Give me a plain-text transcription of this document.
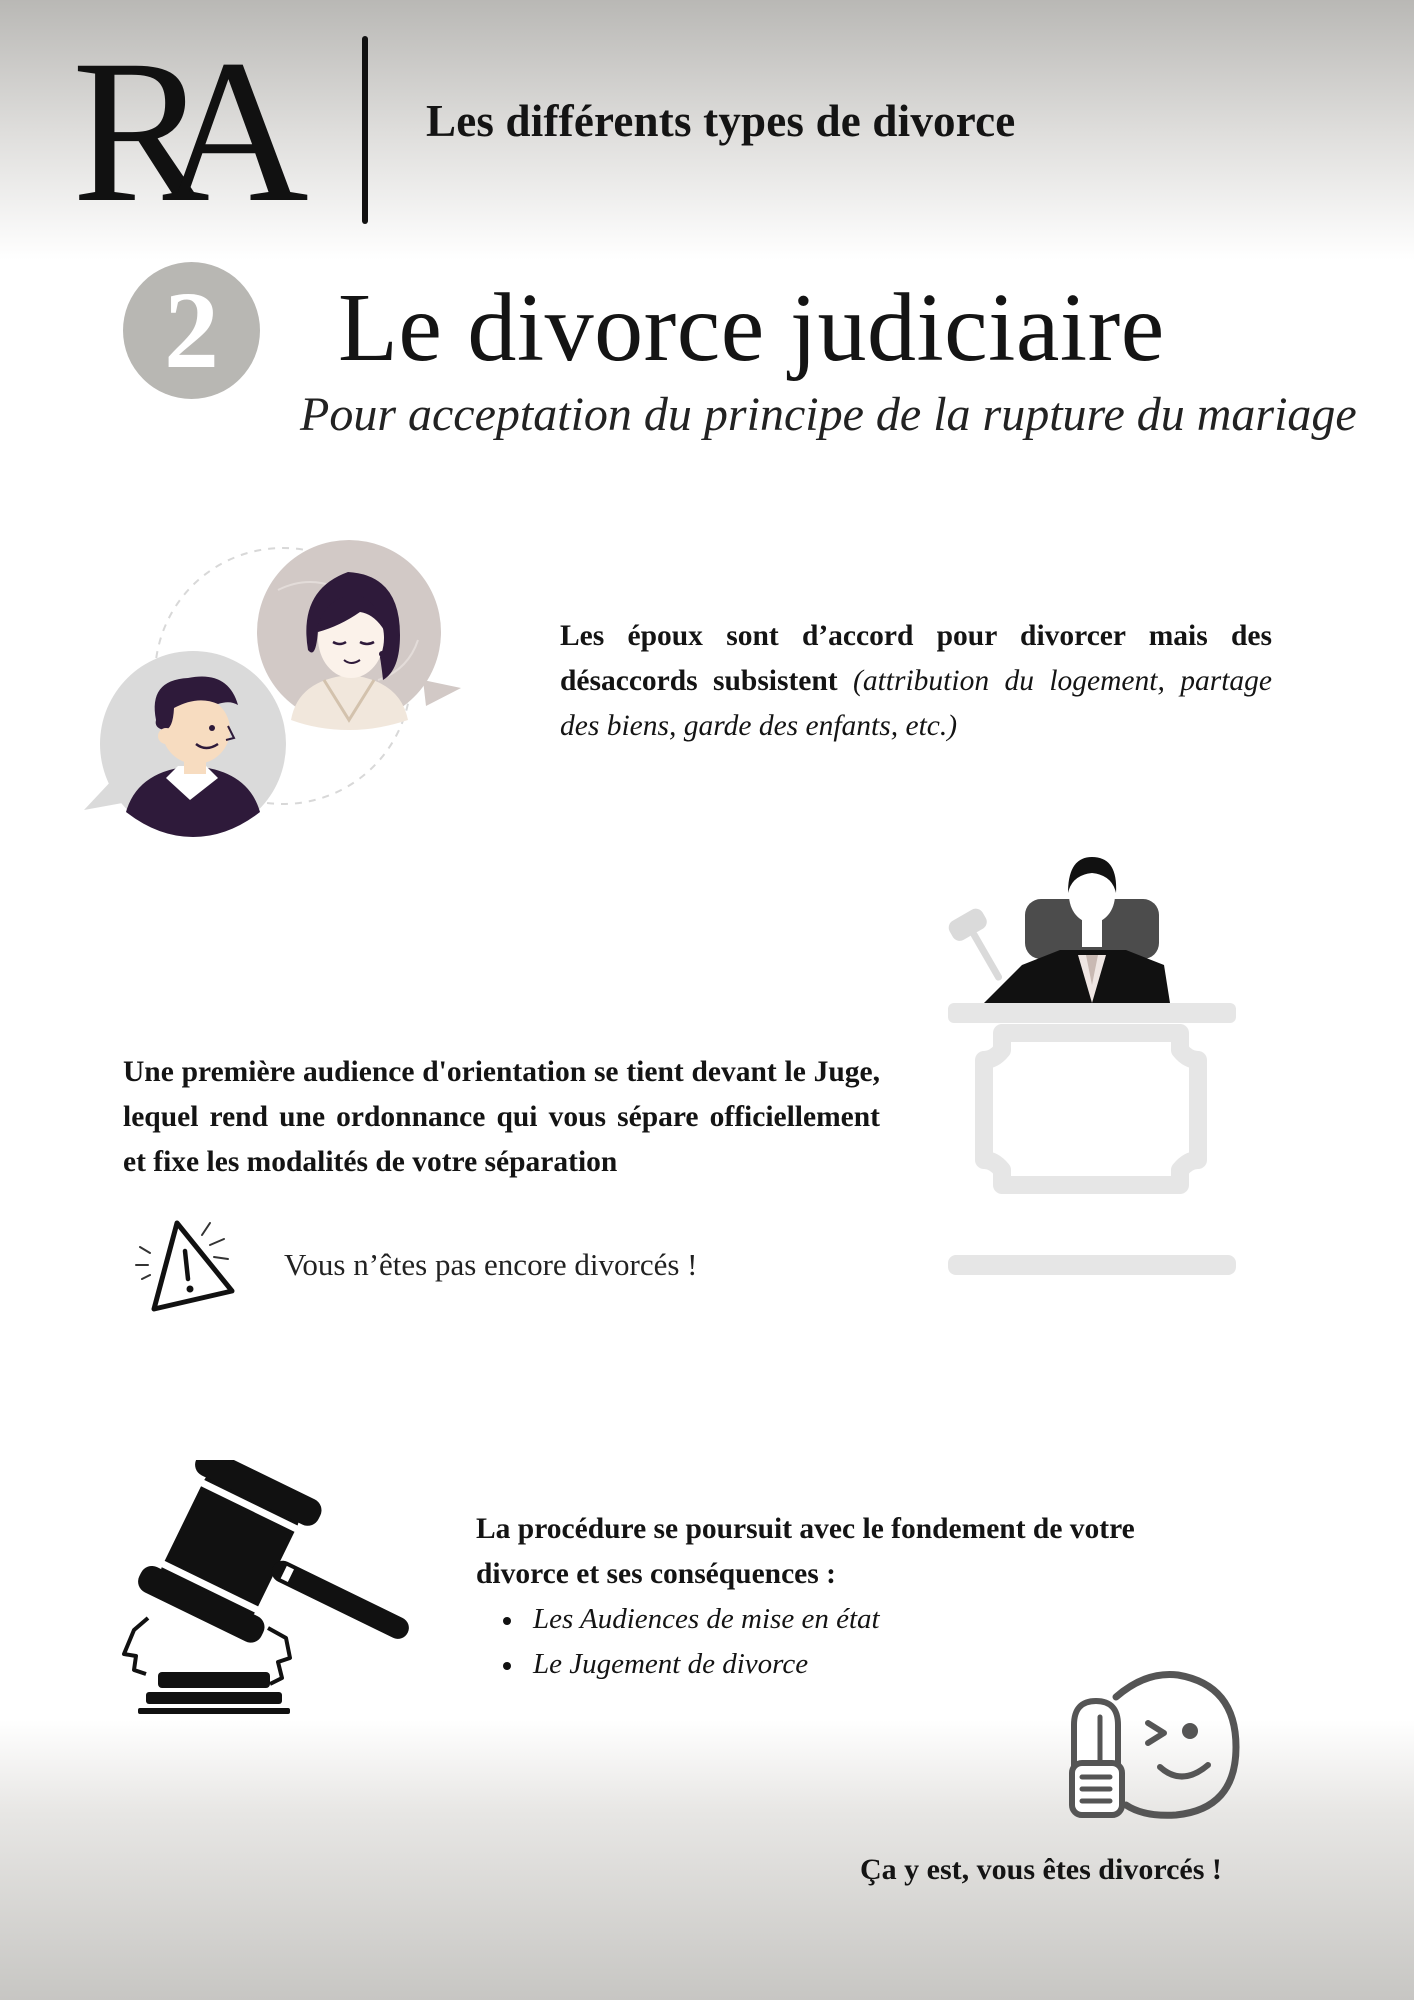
RA	Les différents types de divorce
2	Le divorce judiciaire
Pour acceptation du principe de la rupture du mariage
Les époux sont d’accord pour divorcer mais des désaccords subsistent (attribution du logement, partage des biens, garde des enfants, etc.)
Une première audience d'orientation se tient devant le Juge, lequel rend une ordonnance qui vous sépare officiellement et fixe les modalités de votre séparation
Vous n’êtes pas encore divorcés !
La procédure se poursuit avec le fondement de votre divorce et ses conséquences :
Les Audiences de mise en état
Le Jugement de divorce
Ça y est, vous êtes divorcés !
